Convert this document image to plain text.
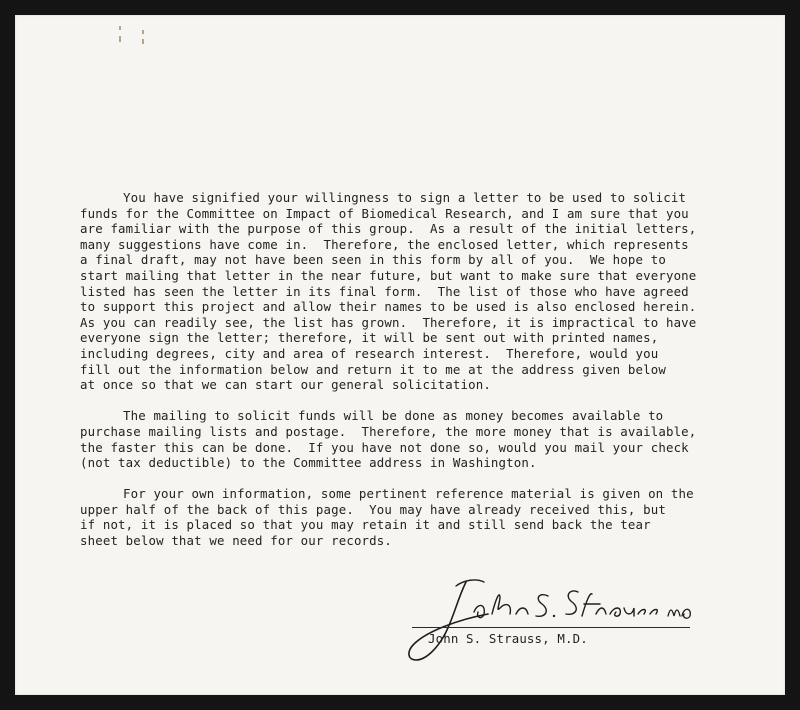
You have signified your willingness to sign a letter to be used to solicit
funds for the Committee on Impact of Biomedical Research, and I am sure that you
are familiar with the purpose of this group.  As a result of the initial letters,
many suggestions have come in.  Therefore, the enclosed letter, which represents
a final draft, may not have been seen in this form by all of you.  We hope to
start mailing that letter in the near future, but want to make sure that everyone
listed has seen the letter in its final form.  The list of those who have agreed
to support this project and allow their names to be used is also enclosed herein.
As you can readily see, the list has grown.  Therefore, it is impractical to have
everyone sign the letter; therefore, it will be sent out with printed names,
including degrees, city and area of research interest.  Therefore, would you
fill out the information below and return it to me at the address given below
at once so that we can start our general solicitation.
The mailing to solicit funds will be done as money becomes available to
purchase mailing lists and postage.  Therefore, the more money that is available,
the faster this can be done.  If you have not done so, would you mail your check
(not tax deductible) to the Committee address in Washington.
For your own information, some pertinent reference material is given on the
upper half of the back of this page.  You may have already received this, but
if not, it is placed so that you may retain it and still send back the tear
sheet below that we need for our records.
John S. Strauss, M.D.
